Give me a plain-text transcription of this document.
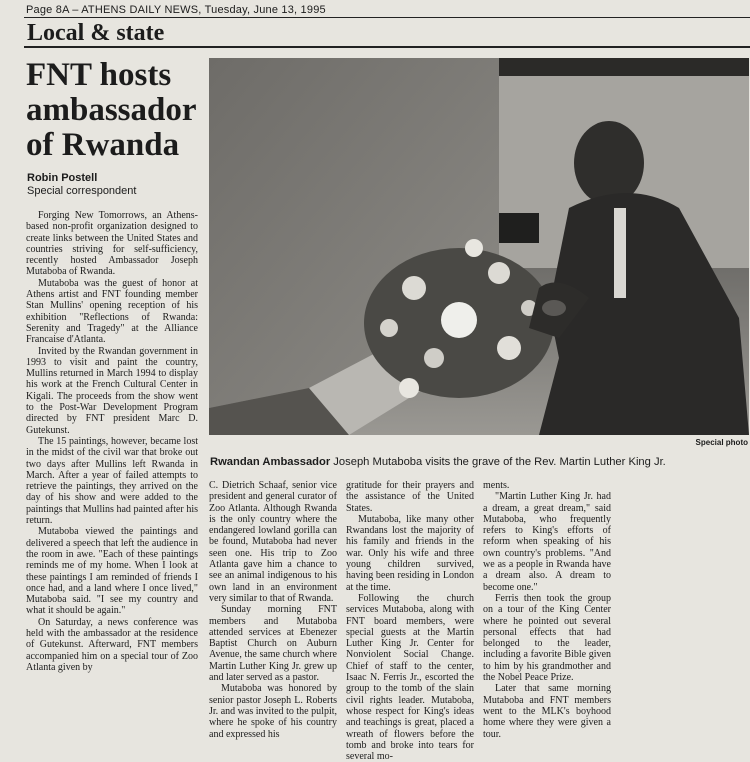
Page 8A – ATHENS DAILY NEWS, Tuesday, June 13, 1995
Local & state
FNT hosts
ambassador
of Rwanda
Robin Postell
Special correspondent
Special photo
Rwandan Ambassador Joseph Mutaboba visits the grave of the Rev. Martin Luther King Jr.

Forging New Tomorrows, an Athens-based non-profit organization designed to create links between the United States and countries striving for self-sufficiency, recently hosted Ambassador Joseph Mutaboba of Rwanda.

Mutaboba was the guest of honor at Athens artist and FNT founding member Stan Mullins' opening reception of his exhibition "Reflections of Rwanda: Serenity and Tragedy" at the Alliance Francaise d'Atlanta.

Invited by the Rwandan government in 1993 to visit and paint the country, Mullins returned in March 1994 to display his work at the French Cultural Center in Kigali. The proceeds from the show went to the Post-War Development Program directed by FNT president Marc D. Gutekunst.

The 15 paintings, however, became lost in the midst of the civil war that broke out two days after Mullins left Rwanda in March. After a year of failed attempts to retrieve the paintings, they arrived on the day of his show and were added to the paintings that Mullins had painted after his return.

Mutaboba viewed the paintings and delivered a speech that left the audience in the room in awe. "Each of these paintings reminds me of my home. When I look at these paintings I am reminded of friends I once had, and a land where I once lived," Mutaboba said. "I see my country and what it should be again."

On Saturday, a news conference was held with the ambassador at the residence of Gutekunst. Afterward, FNT members accompanied him on a special tour of Zoo Atlanta given by

C. Dietrich Schaaf, senior vice president and general curator of Zoo Atlanta. Although Rwanda is the only country where the endangered lowland gorilla can be found, Mutaboba had never seen one. His trip to Zoo Atlanta gave him a chance to see an animal indigenous to his own land in an environment very similar to that of Rwanda.

Sunday morning FNT members and Mutaboba attended services at Ebenezer Baptist Church on Auburn Avenue, the same church where Martin Luther King Jr. grew up and later served as a pastor.

Mutaboba was honored by senior pastor Joseph L. Roberts Jr. and was invited to the pulpit, where he spoke of his country and expressed his

gratitude for their prayers and the assistance of the United States.

Mutaboba, like many other Rwandans lost the majority of his family and friends in the war. Only his wife and three young children survived, having been residing in London at the time.

Following the church services Mutaboba, along with FNT board members, were special guests at the Martin Luther King Jr. Center for Nonviolent Social Change. Chief of staff to the center, Isaac N. Ferris Jr., escorted the group to the tomb of the slain civil rights leader. Mutaboba, whose respect for King's ideas and teachings is great, placed a wreath of flowers before the tomb and broke into tears for several mo-

ments.

"Martin Luther King Jr. had a dream, a great dream," said Mutaboba, who frequently refers to King's efforts of reform when speaking of his own country's problems. "And we as a people in Rwanda have a dream also. A dream to become one."

Ferris then took the group on a tour of the King Center where he pointed out several personal effects that had belonged to the leader, including a favorite Bible given to him by his grandmother and the Nobel Peace Prize.

Later that same morning Mutaboba and FNT members went to the MLK's boyhood home where they were given a tour.
